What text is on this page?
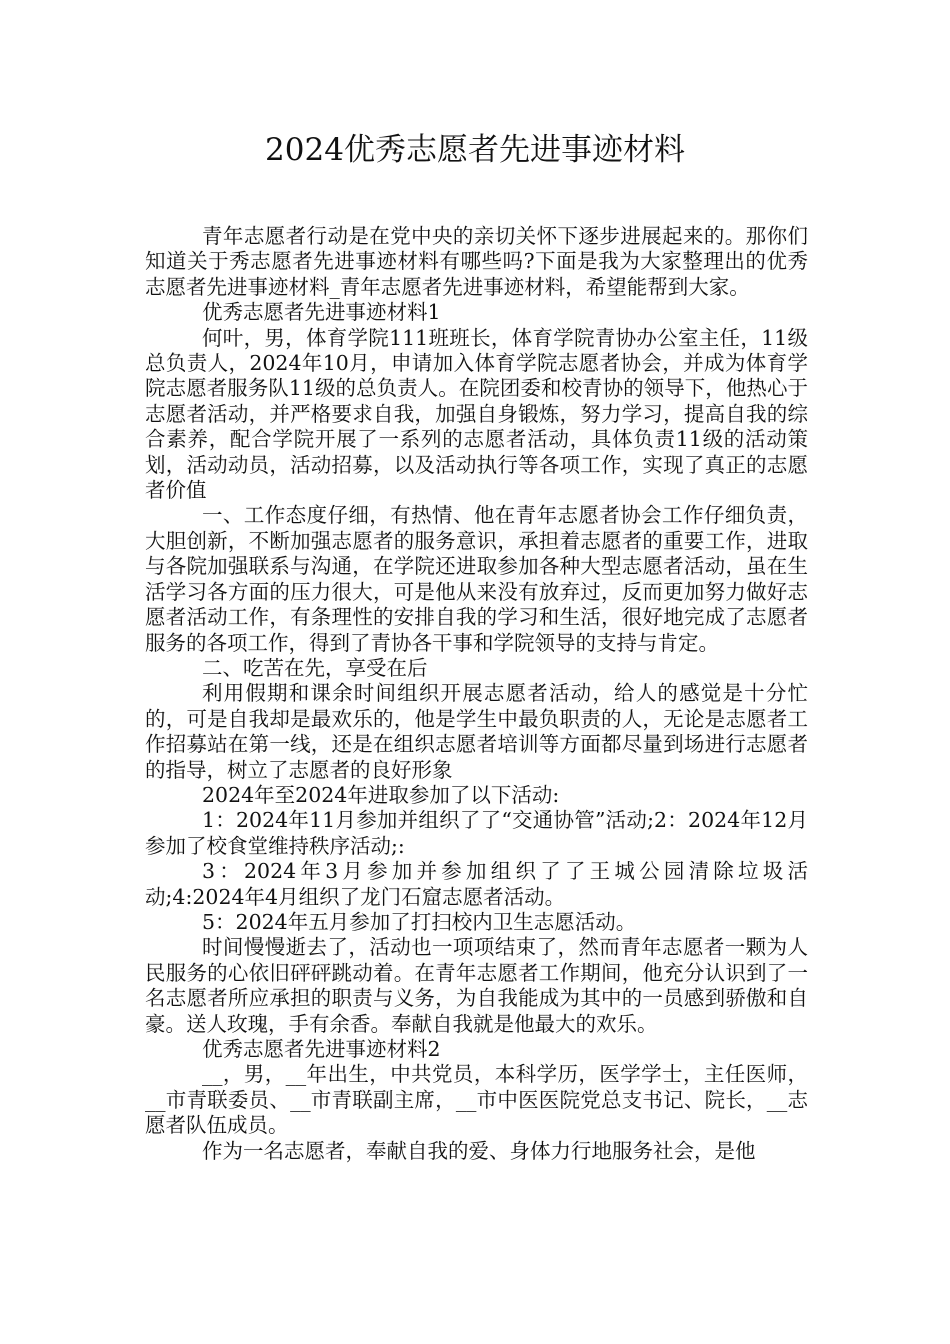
2024优秀志愿者先进事迹材料

青年志愿者行动是在党中央的亲切关怀下逐步进展起来的。那你们知道关于秀志愿者先进事迹材料有哪些吗?下面是我为大家整理出的优秀志愿者先进事迹材料_青年志愿者先进事迹材料，希望能帮到大家。

优秀志愿者先进事迹材料1

何叶，男，体育学院111班班长，体育学院青协办公室主任，11级总负责人，2024年10月，申请加入体育学院志愿者协会，并成为体育学院志愿者服务队11级的总负责人。在院团委和校青协的领导下，他热心于志愿者活动，并严格要求自我，加强自身锻炼，努力学习，提高自我的综合素养，配合学院开展了一系列的志愿者活动，具体负责11级的活动策划，活动动员，活动招募，以及活动执行等各项工作，实现了真正的志愿者价值

一、工作态度仔细，有热情、他在青年志愿者协会工作仔细负责，大胆创新，不断加强志愿者的服务意识，承担着志愿者的重要工作，进取与各院加强联系与沟通，在学院还进取参加各种大型志愿者活动，虽在生活学习各方面的压力很大，可是他从来没有放弃过，反而更加努力做好志愿者活动工作，有条理性的安排自我的学习和生活，很好地完成了志愿者服务的各项工作，得到了青协各干事和学院领导的支持与肯定。

二、吃苦在先，享受在后

利用假期和课余时间组织开展志愿者活动，给人的感觉是十分忙的，可是自我却是最欢乐的，他是学生中最负职责的人，无论是志愿者工作招募站在第一线，还是在组织志愿者培训等方面都尽量到场进行志愿者的指导，树立了志愿者的良好形象

2024年至2024年进取参加了以下活动:

1：2024年11月参加并组织了了“交通协管”活动;2：2024年12月参加了校食堂维持秩序活动;:

3：2024年3月参加并参加组织了了王城公园清除垃圾活动;4:2024年4月组织了龙门石窟志愿者活动。

5：2024年五月参加了打扫校内卫生志愿活动。

时间慢慢逝去了，活动也一项项结束了，然而青年志愿者一颗为人民服务的心依旧砰砰跳动着。在青年志愿者工作期间，他充分认识到了一名志愿者所应承担的职责与义务，为自我能成为其中的一员感到骄傲和自豪。送人玫瑰，手有余香。奉献自我就是他最大的欢乐。

优秀志愿者先进事迹材料2

__，男，__年出生，中共党员，本科学历，医学学士，主任医师，__市青联委员、__市青联副主席，__市中医医院党总支书记、院长，__志愿者队伍成员。

作为一名志愿者，奉献自我的爱、身体力行地服务社会，是他
